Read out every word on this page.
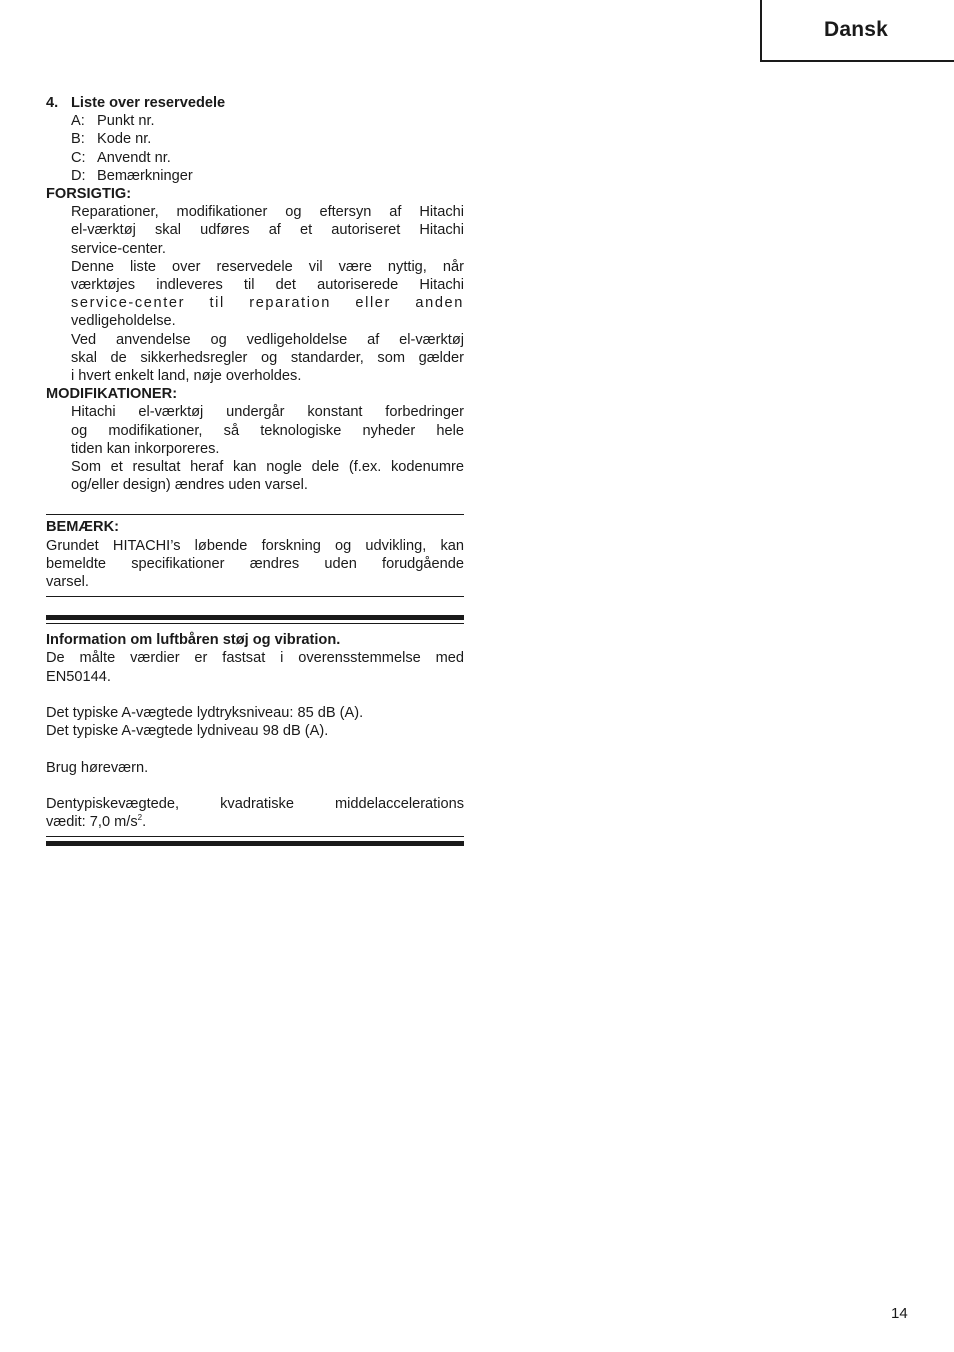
Dansk

4. Liste over reservedele

A: Punkt nr.

B: Kode nr.

C: Anvendt nr.

D: Bemærkninger

FORSIGTIG:

Reparationer, modifikationer og eftersyn af Hitachi

el-værktøj skal udføres af et autoriseret Hitachi

service-center.

Denne liste over reservedele vil være nyttig, når

værktøjes indleveres til det autoriserede Hitachi

service-center til reparation eller anden

vedligeholdelse.

Ved anvendelse og vedligeholdelse af el-værktøj

skal de sikkerhedsregler og standarder, som gælder

i hvert enkelt land, nøje overholdes.

MODIFIKATIONER:

Hitachi el-værktøj undergår konstant forbedringer

og modifikationer, så teknologiske nyheder hele

tiden kan inkorporeres.

Som et resultat heraf kan nogle dele (f.ex. kodenumre

og/eller design) ændres uden varsel.

BEMÆRK:

Grundet HITACHI’s løbende forskning og udvikling, kan

bemeldte specifikationer ændres uden forudgående

varsel.

Information om luftbåren støj og vibration.

De målte værdier er fastsat i overensstemmelse med

EN50144.

Det typiske A-vægtede lydtryksniveau: 85 dB (A).

Det typiske A-vægtede lydniveau 98 dB (A).

Brug høreværn.

Dentypiskevægtede, kvadratiske middelaccelerations

vædit: 7,0 $m/s^2$.

14
